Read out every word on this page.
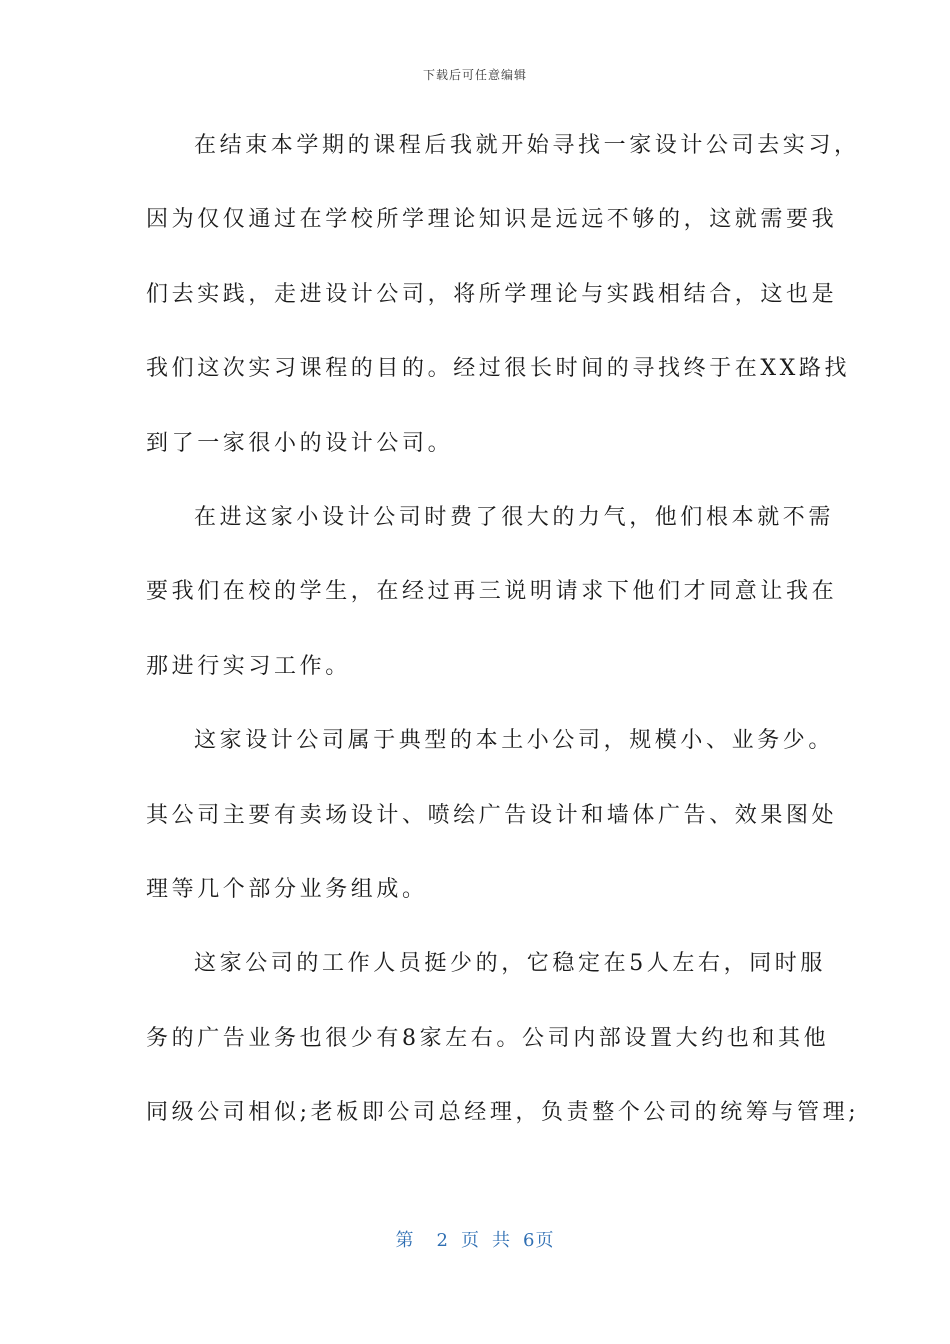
下载后可任意编辑
在结束本学期的课程后我就开始寻找一家设计公司去实习，
因为仅仅通过在学校所学理论知识是远远不够的，这就需要我
们去实践，走进设计公司，将所学理论与实践相结合，这也是
我们这次实习课程的目的。经过很长时间的寻找终于在XX路找
到了一家很小的设计公司。
在进这家小设计公司时费了很大的力气，他们根本就不需
要我们在校的学生，在经过再三说明请求下他们才同意让我在
那进行实习工作。
这家设计公司属于典型的本土小公司，规模小、业务少。
其公司主要有卖场设计、喷绘广告设计和墙体广告、效果图处
理等几个部分业务组成。
这家公司的工作人员挺少的，它稳定在5人左右，同时服
务的广告业务也很少有8家左右。公司内部设置大约也和其他
同级公司相似;老板即公司总经理，负责整个公司的统筹与管理;
第 2 页 共 6页
